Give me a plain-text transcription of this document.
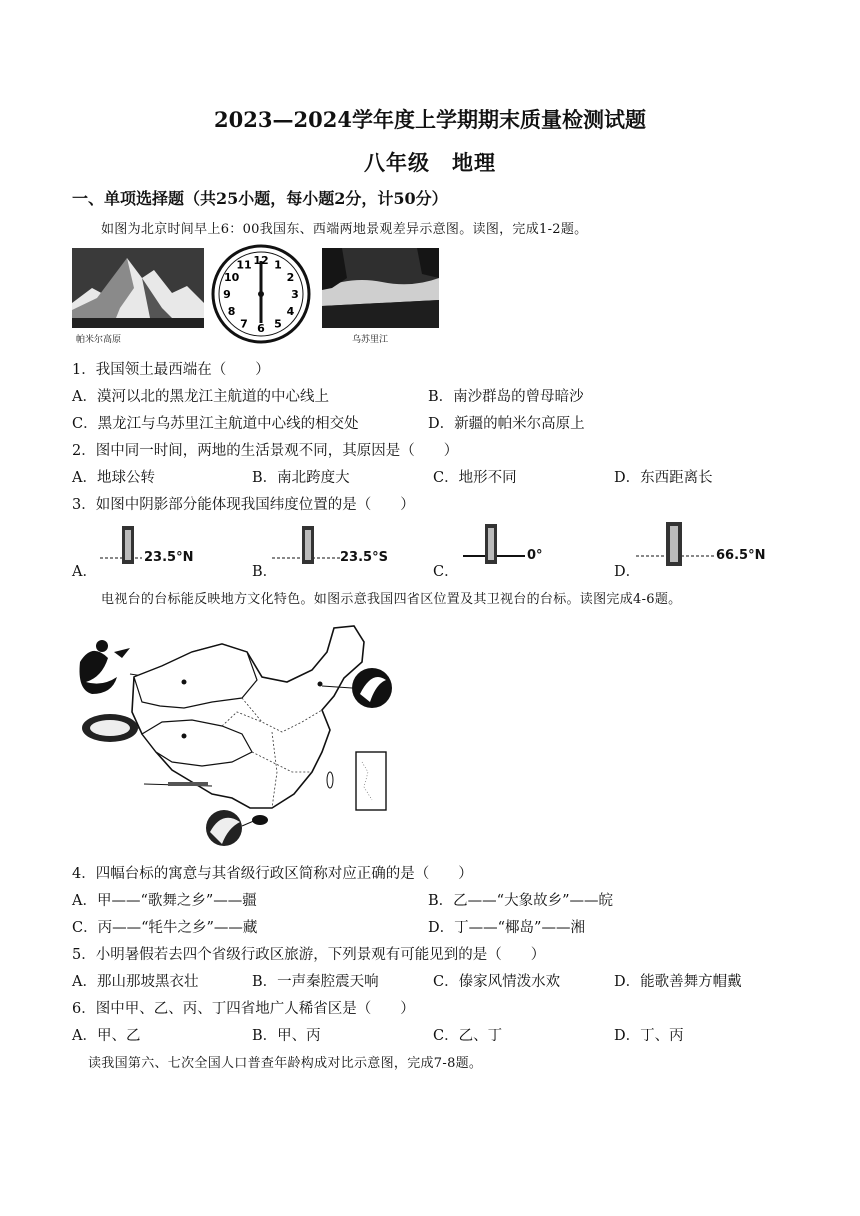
2023—2024学年度上学期期末质量检测试题
八年级　地理
一、单项选择题（共25小题，每小题2分，计50分）
如图为北京时间早上6：00我国东、西端两地景观差异示意图。读图，完成1-2题。
帕米尔高原
12 1
2
3
4
5
6
7
8
9
10
11
乌苏里江
1．我国领土最西端在（　　）
A．漠河以北的黑龙江主航道的中心线上	B．南沙群岛的曾母暗沙
C．黑龙江与乌苏里江主航道中心线的相交处	D．新疆的帕米尔高原上
2．图中同一时间，两地的生活景观不同，其原因是（　　）
A．地球公转	B．南北跨度大	C．地形不同	D．东西距离长
3．如图中阴影部分能体现我国纬度位置的是（　　）
A．
23.5°N
B．
23.5°S
C．
0°
D．
66.5°N
电视台的台标能反映地方文化特色。如图示意我国四省区位置及其卫视台的台标。读图完成4-6题。
4．四幅台标的寓意与其省级行政区简称对应正确的是（　　）
A．甲——“歌舞之乡”——疆	B．乙——“大象故乡”——皖
C．丙——“牦牛之乡”——藏	D．丁——“椰岛”——湘
5．小明暑假若去四个省级行政区旅游，下列景观有可能见到的是（　　）
A．那山那坡黑衣壮	B．一声秦腔震天响	C．傣家风情泼水欢	D．能歌善舞方帽戴
6．图中甲、乙、丙、丁四省地广人稀省区是（　　）
A．甲、乙	B．甲、丙	C．乙、丁	D．丁、丙
读我国第六、七次全国人口普查年龄构成对比示意图，完成7-8题。
